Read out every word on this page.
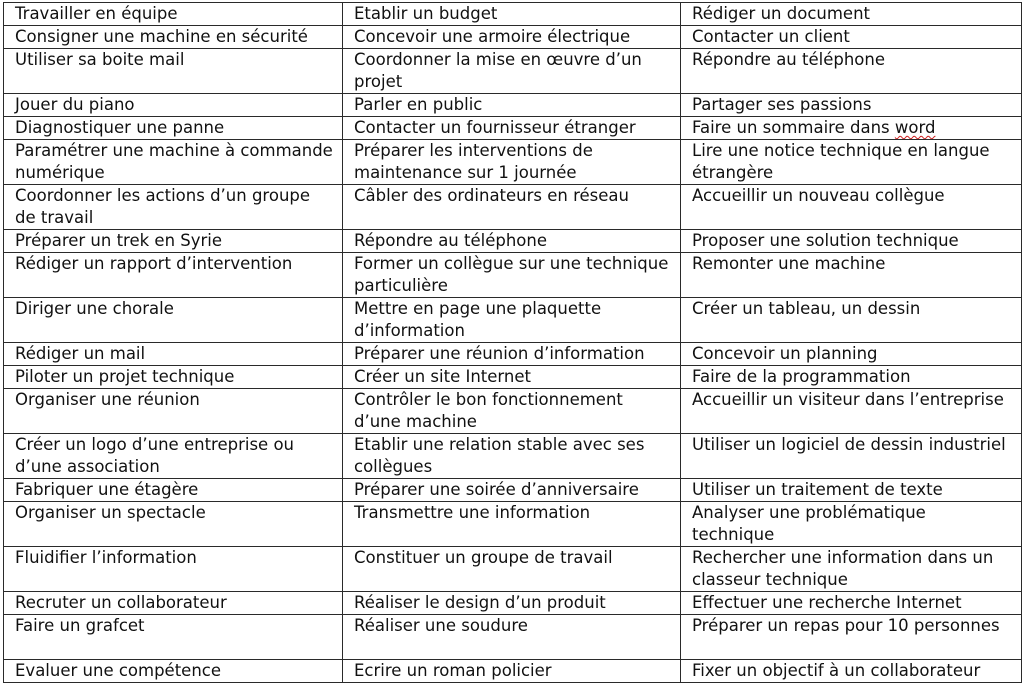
Travailler en équipe	Etablir un budget	Rédiger un document
Consigner une machine en sécurité	Concevoir une armoire électrique	Contacter un client
Utiliser sa boite mail	Coordonner la mise en œuvre d’un projet	Répondre au téléphone
Jouer du piano	Parler en public	Partager ses passions
Diagnostiquer une panne	Contacter un fournisseur étranger	Faire un sommaire dans word
Paramétrer une machine à commande numérique	Préparer les interventions de maintenance sur 1 journée	Lire une notice technique en langue étrangère
Coordonner les actions d’un groupe de travail	Câbler des ordinateurs en réseau	Accueillir un nouveau collègue
Préparer un trek en Syrie	Répondre au téléphone	Proposer une solution technique
Rédiger un rapport d’intervention	Former un collègue sur une technique particulière	Remonter une machine
Diriger une chorale	Mettre en page une plaquette d’information	Créer un tableau, un dessin
Rédiger un mail	Préparer une réunion d’information	Concevoir un planning
Piloter un projet technique	Créer un site Internet	Faire de la programmation
Organiser une réunion	Contrôler le bon fonctionnement d’une machine	Accueillir un visiteur dans l’entreprise
Créer un logo d’une entreprise ou d’une association	Etablir une relation stable avec ses collègues	Utiliser un logiciel de dessin industriel
Fabriquer une étagère	Préparer une soirée d’anniversaire	Utiliser un traitement de texte
Organiser un spectacle	Transmettre une information	Analyser une problématique technique
Fluidifier l’information	Constituer un groupe de travail	Rechercher une information dans un classeur technique
Recruter un collaborateur	Réaliser le design d’un produit	Effectuer une recherche Internet
Faire un grafcet	Réaliser une soudure	Préparer un repas pour 10 personnes
Evaluer une compétence	Ecrire un roman policier	Fixer un objectif à un collaborateur
